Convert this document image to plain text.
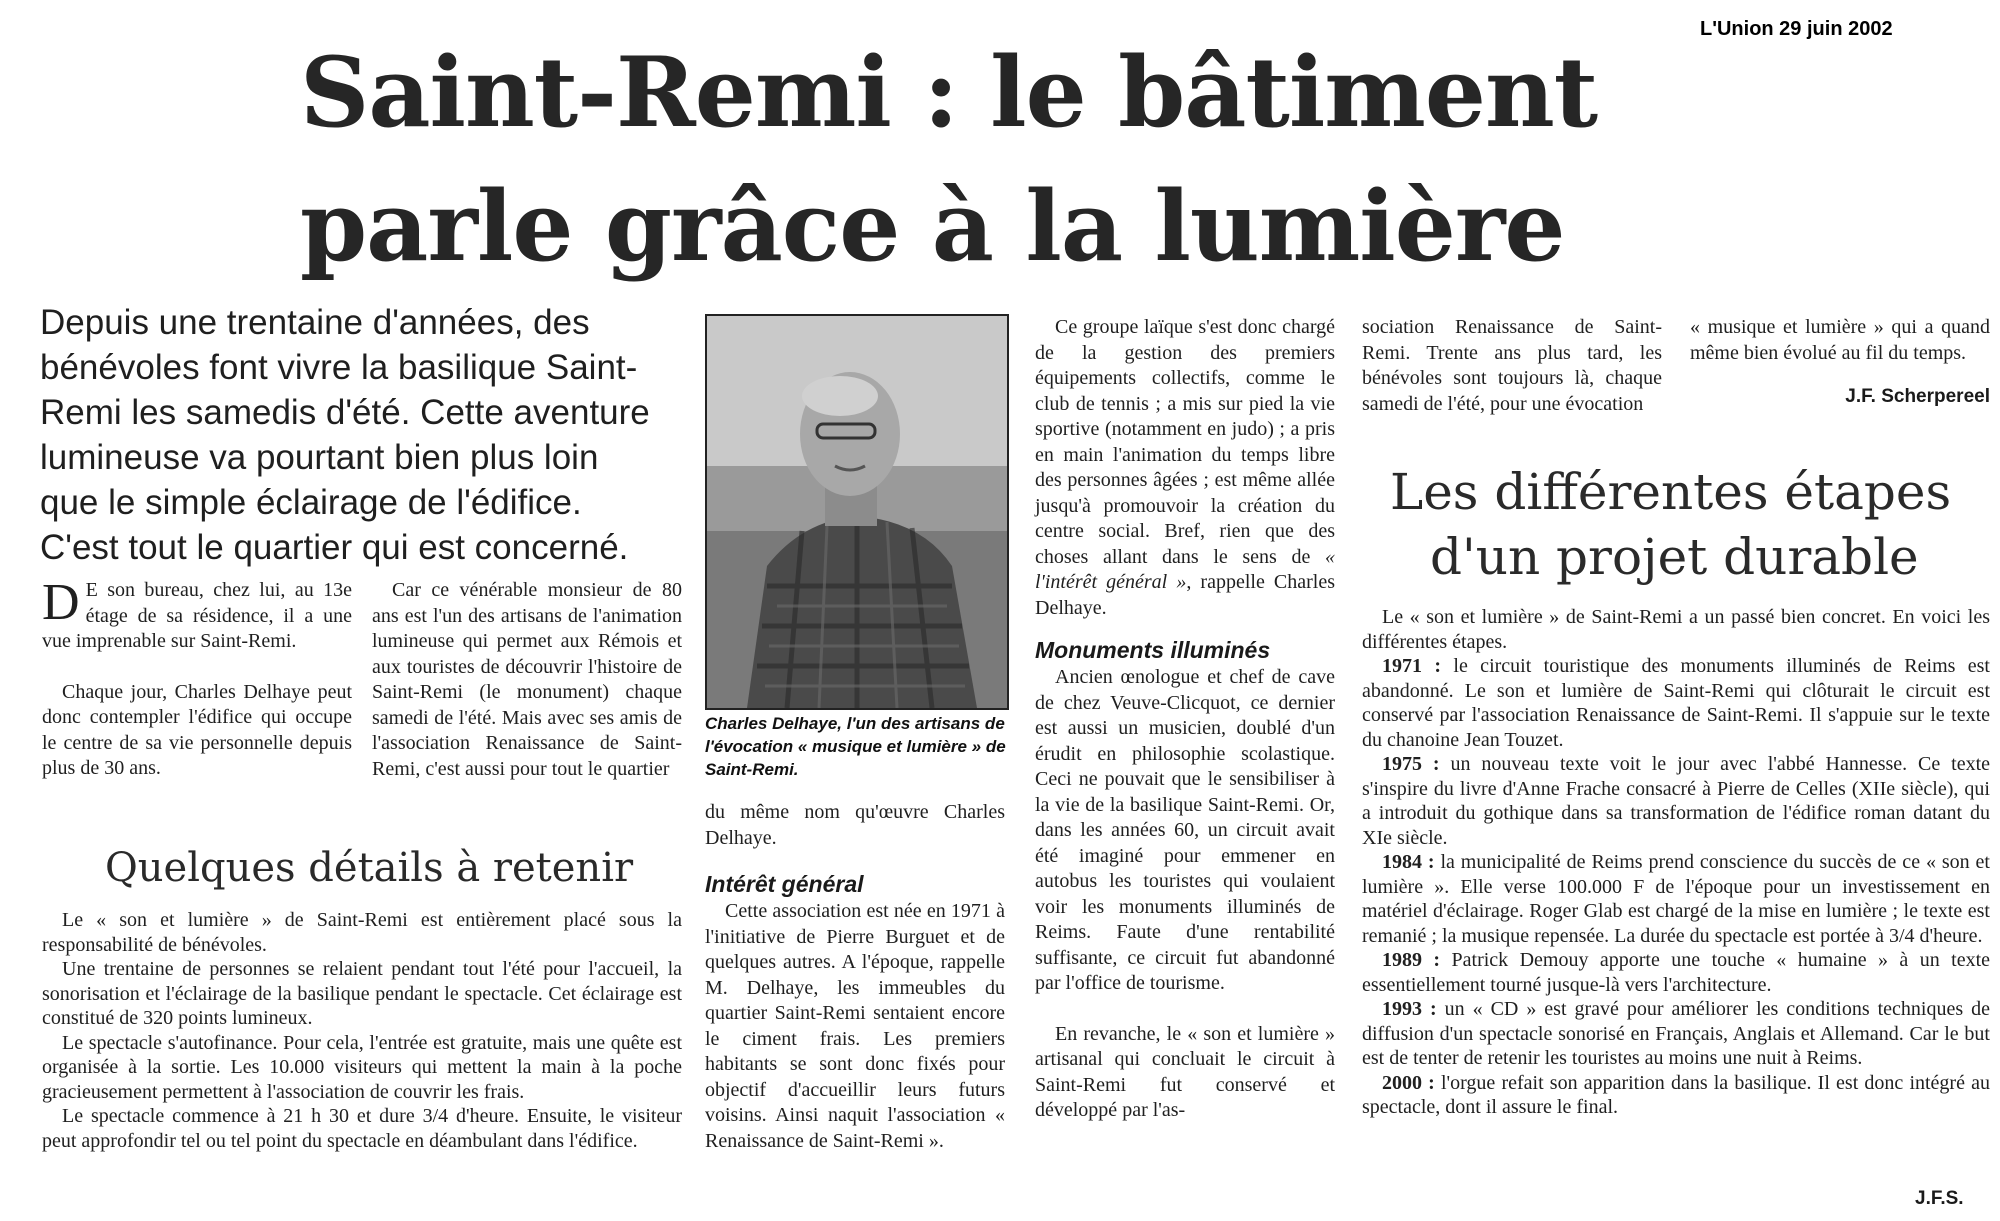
L'Union 29 juin 2002
Saint-Remi : le bâtiment
parle grâce à la lumière
Depuis une trentaine d'années, des
bénévoles font vivre la basilique Saint-
Remi les samedis d'été. Cette aventure
lumineuse va pourtant bien plus loin
que le simple éclairage de l'édifice.
C'est tout le quartier qui est concerné.

D E son bureau, chez lui, au 13e étage de sa résidence, il a une vue imprenable sur Saint-Remi.

Chaque jour, Charles Delhaye peut donc contempler l'édifice qui occupe le centre de sa vie personnelle depuis plus de 30 ans.

Car ce vénérable monsieur de 80 ans est l'un des artisans de l'animation lumineuse qui permet aux Rémois et aux touristes de découvrir l'histoire de Saint-Remi (le monument) chaque samedi de l'été. Mais avec ses amis de l'association Renaissance de Saint-Remi, c'est aussi pour tout le quartier

Charles Delhaye, l'un des artisans de l'évocation « musique et lumière » de Saint-Remi.

du même nom qu'œuvre Charles Delhaye.

Intérêt général

Cette association est née en 1971 à l'initiative de Pierre Burguet et de quelques autres. A l'époque, rappelle M. Delhaye, les immeubles du quartier Saint-Remi sentaient encore le ciment frais. Les premiers habitants se sont donc fixés pour objectif d'accueillir leurs futurs voisins. Ainsi naquit l'association « Renaissance de Saint-Remi ».

Ce groupe laïque s'est donc chargé de la gestion des premiers équipements collectifs, comme le club de tennis ; a mis sur pied la vie sportive (notamment en judo) ; a pris en main l'animation du temps libre des personnes âgées ; est même allée jusqu'à promouvoir la création du centre social. Bref, rien que des choses allant dans le sens de « l'intérêt général », rappelle Charles Delhaye.

Monuments illuminés

Ancien œnologue et chef de cave de chez Veuve-Clicquot, ce dernier est aussi un musicien, doublé d'un érudit en philosophie scolastique. Ceci ne pouvait que le sensibiliser à la vie de la basilique Saint-Remi. Or, dans les années 60, un circuit avait été imaginé pour emmener en autobus les touristes qui voulaient voir les monuments illuminés de Reims. Faute d'une rentabilité suffisante, ce circuit fut abandonné par l'office de tourisme.

En revanche, le « son et lumière » artisanal qui concluait le circuit à Saint-Remi fut conservé et développé par l'as-

sociation Renaissance de Saint-Remi. Trente ans plus tard, les bénévoles sont toujours là, chaque samedi de l'été, pour une évocation

« musique et lumière » qui a quand même bien évolué au fil du temps.

J.F. Scherpereel
Quelques détails à retenir

Le « son et lumière » de Saint-Remi est entièrement placé sous la responsabilité de bénévoles.

Une trentaine de personnes se relaient pendant tout l'été pour l'accueil, la sonorisation et l'éclairage de la basilique pendant le spectacle. Cet éclairage est constitué de 320 points lumineux.

Le spectacle s'autofinance. Pour cela, l'entrée est gratuite, mais une quête est organisée à la sortie. Les 10.000 visiteurs qui mettent la main à la poche gracieusement permettent à l'association de couvrir les frais.

Le spectacle commence à 21 h 30 et dure 3/4 d'heure. Ensuite, le visiteur peut approfondir tel ou tel point du spectacle en déambulant dans l'édifice.

Les différentes étapes
d'un projet durable

Le « son et lumière » de Saint-Remi a un passé bien concret. En voici les différentes étapes.

1971 : le circuit touristique des monuments illuminés de Reims est abandonné. Le son et lumière de Saint-Remi qui clôturait le circuit est conservé par l'association Renaissance de Saint-Remi. Il s'appuie sur le texte du chanoine Jean Touzet.

1975 : un nouveau texte voit le jour avec l'abbé Hannesse. Ce texte s'inspire du livre d'Anne Frache consacré à Pierre de Celles (XIIe siècle), qui a introduit du gothique dans sa transformation de l'édifice roman datant du XIe siècle.

1984 : la municipalité de Reims prend conscience du succès de ce « son et lumière ». Elle verse 100.000 F de l'époque pour un investissement en matériel d'éclairage. Roger Glab est chargé de la mise en lumière ; le texte est remanié ; la musique repensée. La durée du spectacle est portée à 3/4 d'heure.

1989 : Patrick Demouy apporte une touche « humaine » à un texte essentiellement tourné jusque-là vers l'architecture.

1993 : un « CD » est gravé pour améliorer les conditions techniques de diffusion d'un spectacle sonorisé en Français, Anglais et Allemand. Car le but est de tenter de retenir les touristes au moins une nuit à Reims.

2000 : l'orgue refait son apparition dans la basilique. Il est donc intégré au spectacle, dont il assure le final.

J.F.S.
